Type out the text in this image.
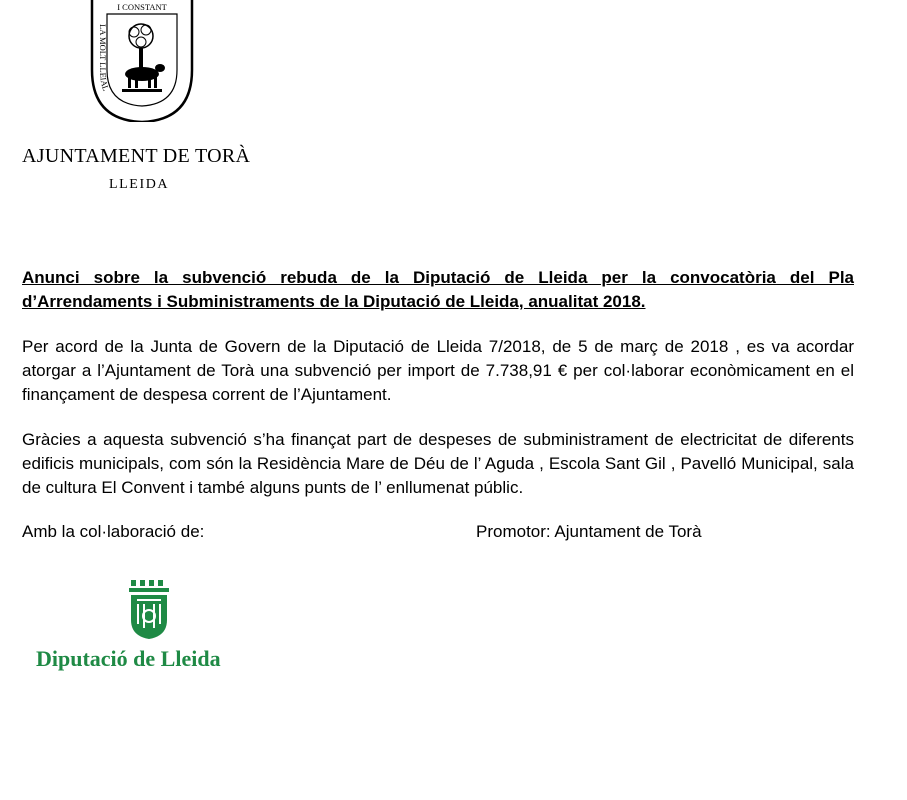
LA MOLT LLEIAL
I CONSTANT
AJUNTAMENT DE TORÀ
LLEIDA
Anunci sobre la subvenció rebuda de la Diputació de Lleida per la convocatòria del Pla d’Arrendaments i Subministraments de la Diputació de Lleida, anualitat 2018.

Per acord de la Junta de Govern de la Diputació de Lleida 7/2018, de 5 de març de 2018 , es va acordar atorgar a l’Ajuntament de Torà una subvenció per import de 7.738,91 € per col·laborar econòmicament en el finançament de despesa corrent de l’Ajuntament.

Gràcies a aquesta subvenció s’ha finançat part de despeses de subministrament de electricitat de diferents edificis municipals, com són la Residència Mare de Déu de l’ Aguda , Escola Sant Gil , Pavelló Municipal, sala de cultura El Convent i també alguns punts de l’ enllumenat públic.

Amb la col·laboració de:	Promotor: Ajuntament de Torà
Diputació de Lleida
